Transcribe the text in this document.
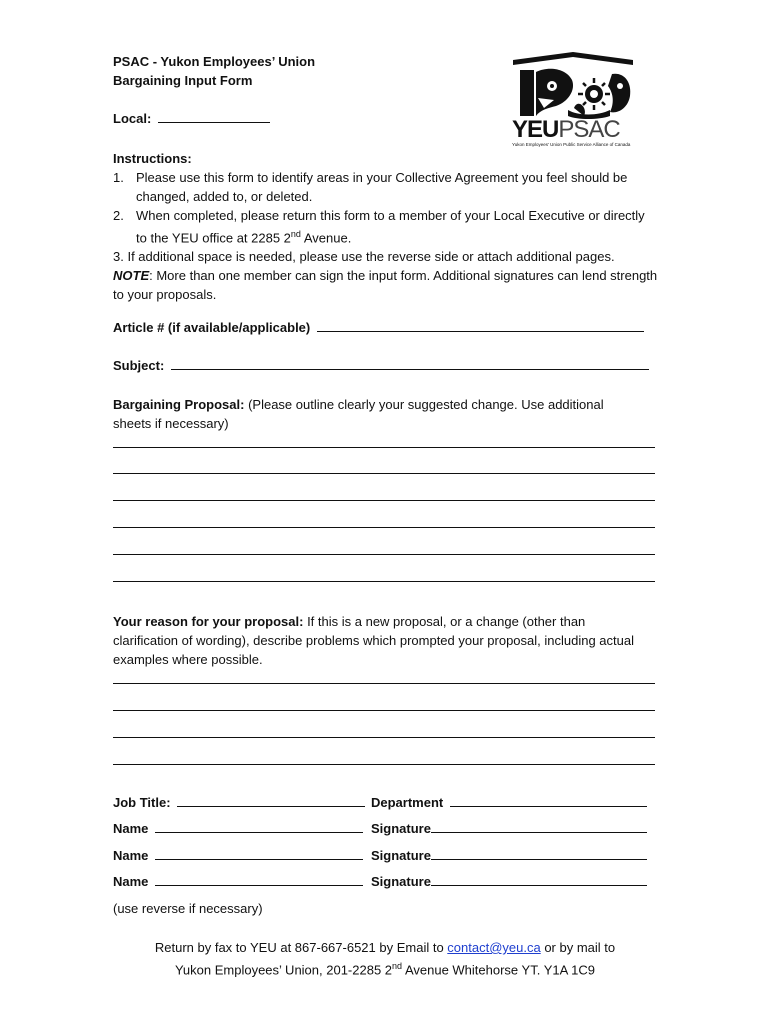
PSAC - Yukon Employees’ Union
Bargaining Input Form
Local:	YEUPSAC
Yukon Employees' Union Public Service Alliance of Canada
Instructions:
1. Please use this form to identify areas in your Collective Agreement you feel should be changed, added to, or deleted.
2. When completed, please return this form to a member of your Local Executive or directly to the YEU office at 2285 2nd Avenue.
3. If additional space is needed, please use the reverse side or attach additional pages.
NOTE: More than one member can sign the input form. Additional signatures can lend strength to your proposals.
Article # (if available/applicable)
Subject:
Bargaining Proposal: (Please outline clearly your suggested change. Use additional sheets if necessary)
Your reason for your proposal: If this is a new proposal, or a change (other than clarification of wording), describe problems which prompted your proposal, including actual examples where possible.
Job Title:	Department
Name	Signature
Name	Signature
Name	Signature
(use reverse if necessary)
Return by fax to YEU at 867-667-6521 by Email to contact@yeu.ca or by mail to
Yukon Employees’ Union, 201-2285 2nd Avenue Whitehorse YT. Y1A 1C9
